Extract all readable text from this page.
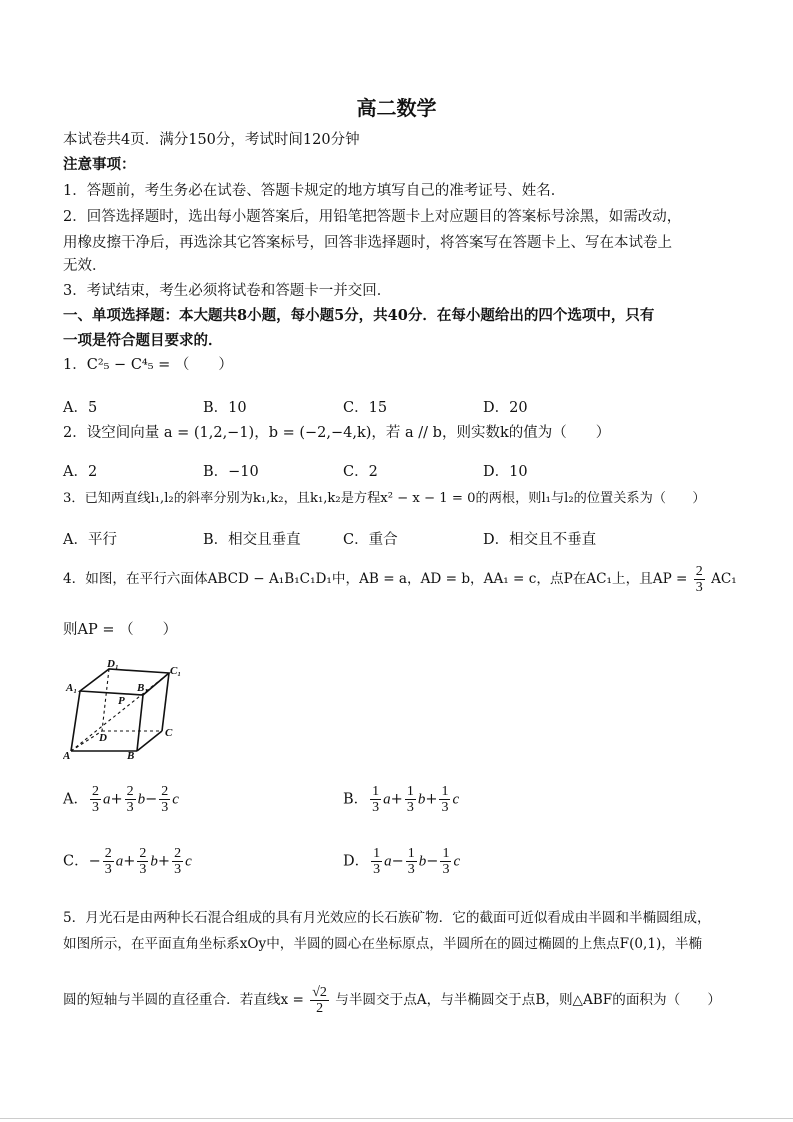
高二数学
本试卷共4页．满分150分，考试时间120分钟
注意事项：
1．答题前，考生务必在试卷、答题卡规定的地方填写自己的准考证号、姓名．
2．回答选择题时，选出每小题答案后，用铅笔把答题卡上对应题目的答案标号涂黑，如需改动，
用橡皮擦干净后，再选涂其它答案标号，回答非选择题时，将答案写在答题卡上、写在本试卷上
无效．
3．考试结束，考生必须将试卷和答题卡一并交回．
一、单项选择题：本大题共8小题，每小题5分，共40分．在每小题给出的四个选项中，只有
一项是符合题目要求的．
1．C²₅ − C⁴₅ = （　　）
A．5	B．10	C．15	D．20
2．设空间向量 a = (1,2,−1)，b = (−2,−4,k)，若 a // b，则实数k的值为（　　）
A．2	B．−10	C．2	D．10
3．已知两直线l₁,l₂的斜率分别为k₁,k₂，且k₁,k₂是方程x² − x − 1 = 0的两根，则l₁与l₂的位置关系为（　　）
A．平行	B．相交且垂直	C．重合	D．相交且不垂直
4．如图，在平行六面体ABCD − A₁B₁C₁D₁中，AB = a，AD = b，AA₁ = c，点P在AC₁上，且AP = $\frac{2}{3} AC_1$
则AP = （　　）
D₁
C₁
A₁	B₁
P
D	C
A	B
A． $\frac{2}{3} a+ \frac{2}{3} b- \frac{2}{3}$ c	B． $\frac{1}{3} a+ \frac{1}{3} b+ \frac{1}{3}$ c
C．− $\frac{2}{3} a+ \frac{2}{3} b+ \frac{2}{3}$ c	D． $\frac{1}{3} a- \frac{1}{3} b- \frac{1}{3}$ c
5．月光石是由两种长石混合组成的具有月光效应的长石族矿物．它的截面可近似看成由半圆和半椭圆组成，
如图所示，在平面直角坐标系xOy中，半圆的圆心在坐标原点，半圆所在的圆过椭圆的上焦点F(0,1)，半椭
圆的短轴与半圆的直径重合．若直线$x = \frac{√2}{2}$ 与半圆交于点A，与半椭圆交于点B，则△ABF的面积为（　　）
